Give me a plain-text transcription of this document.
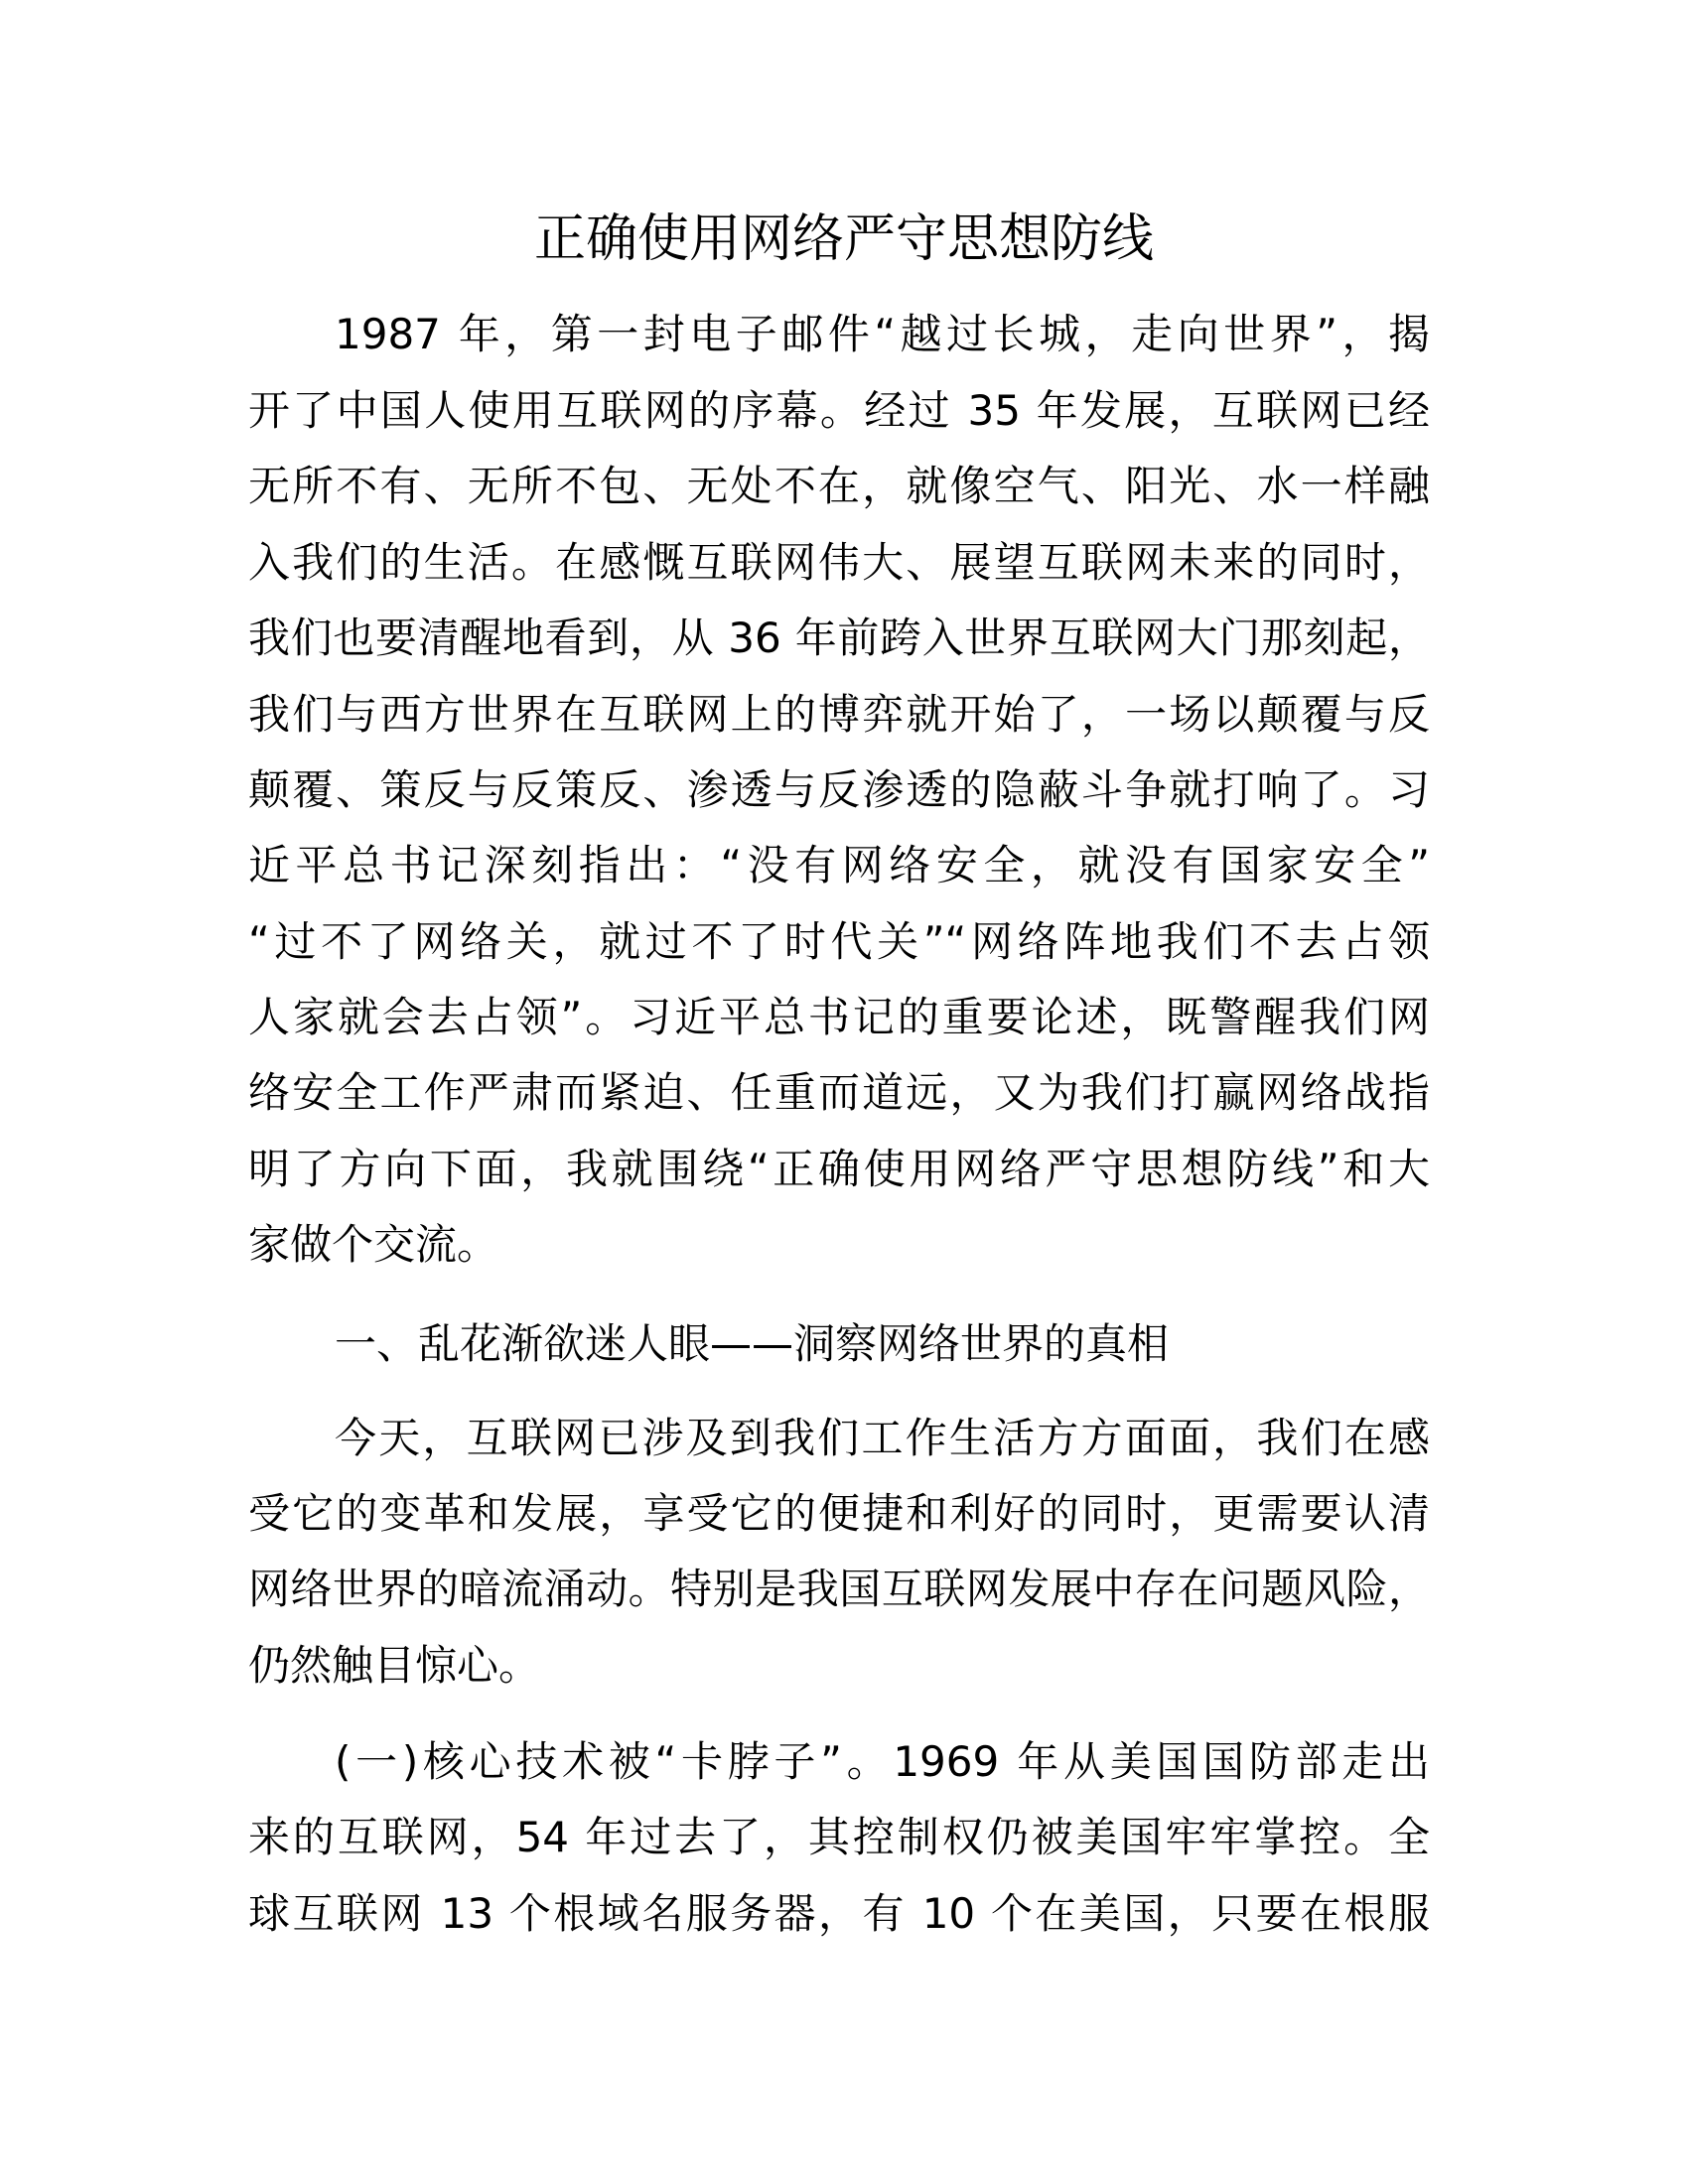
正确使用网络严守思想防线
1987 年，第一封电子邮件“越过长城，走向世界”，揭
开了中国人使用互联网的序幕。经过 35 年发展，互联网已经
无所不有、无所不包、无处不在，就像空气、阳光、水一样融
入我们的生活。在感慨互联网伟大、展望互联网未来的同时，
我们也要清醒地看到，从 36 年前跨入世界互联网大门那刻起，
我们与西方世界在互联网上的博弈就开始了，一场以颠覆与反
颠覆、策反与反策反、渗透与反渗透的隐蔽斗争就打响了。习
近平总书记深刻指出：“没有网络安全，就没有国家安全”
“过不了网络关，就过不了时代关”“网络阵地我们不去占领
人家就会去占领”。习近平总书记的重要论述，既警醒我们网
络安全工作严肃而紧迫、任重而道远，又为我们打赢网络战指
明了方向下面，我就围绕“正确使用网络严守思想防线”和大
家做个交流。
一、乱花渐欲迷人眼——洞察网络世界的真相
今天，互联网已涉及到我们工作生活方方面面，我们在感
受它的变革和发展，享受它的便捷和利好的同时，更需要认清
网络世界的暗流涌动。特别是我国互联网发展中存在问题风险，
仍然触目惊心。
(一)核心技术被“卡脖子”。1969 年从美国国防部走出
来的互联网，54 年过去了，其控制权仍被美国牢牢掌控。全
球互联网 13 个根域名服务器，有 10 个在美国，只要在根服
